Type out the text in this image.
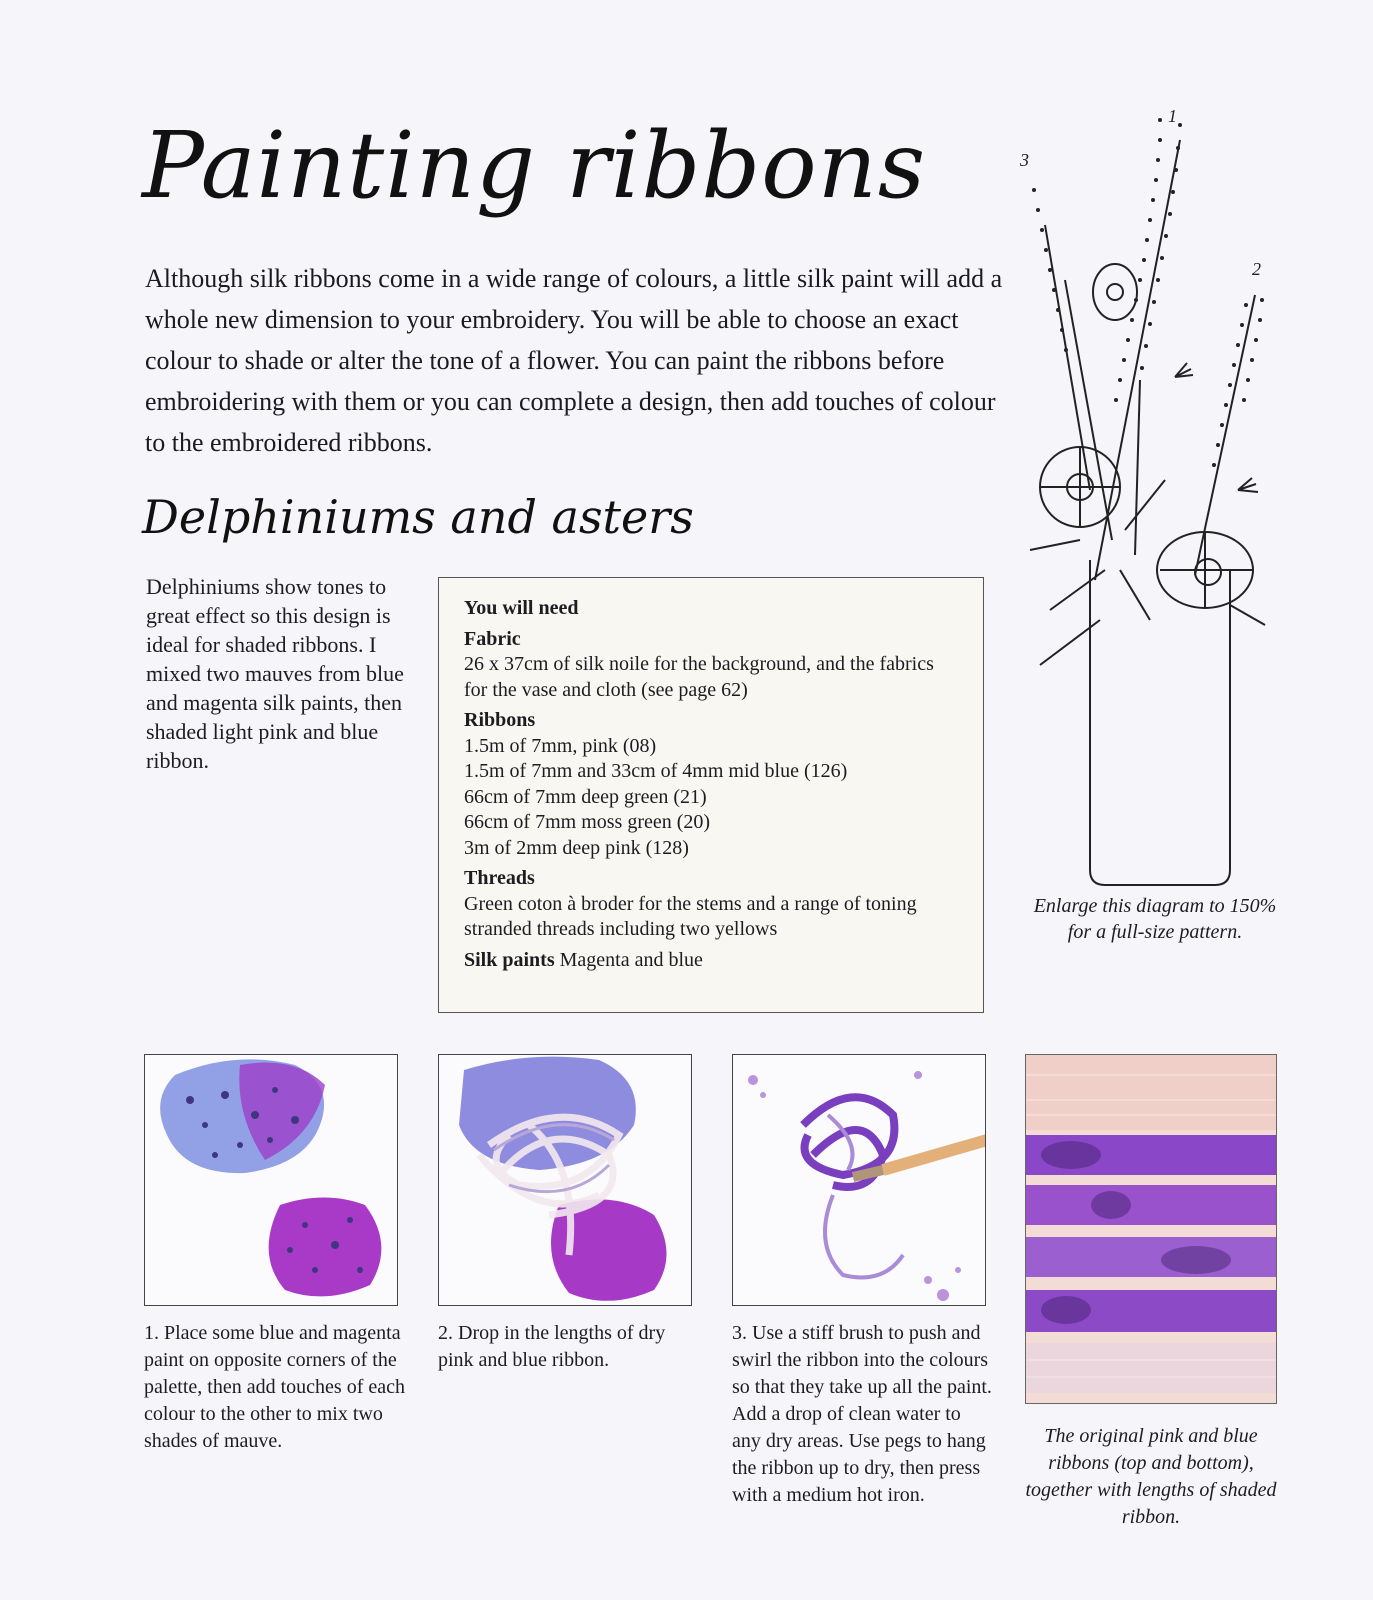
Painting ribbons

Although silk ribbons come in a wide range of colours, a little silk paint will add a whole new dimension to your embroidery. You will be able to choose an exact colour to shade or alter the tone of a flower. You can paint the ribbons before embroidering with them or you can complete a design, then add touches of colour to the embroidered ribbons.

Delphiniums and asters

Delphiniums show tones to great effect so this design is ideal for shaded ribbons. I mixed two mauves from blue and magenta silk paints, then shaded light pink and blue ribbon.

You will need
Fabric
26 x 37cm of silk noile for the background, and the fabrics for the vase and cloth (see page 62)
Ribbons
1.5m of 7mm, pink (08)
1.5m of 7mm and 33cm of 4mm mid blue (126)
66cm of 7mm deep green (21)
66cm of 7mm moss green (20)
3m of 2mm deep pink (128)
Threads
Green coton à broder for the stems and a range of toning stranded threads including two yellows
Silk paints Magenta and blue
1
2
3
Enlarge this diagram to 150% for a full-size pattern.

1. Place some blue and magenta paint on opposite corners of the palette, then add touches of each colour to the other to mix two shades of mauve.

2. Drop in the lengths of dry pink and blue ribbon.

3. Use a stiff brush to push and swirl the ribbon into the colours so that they take up all the paint. Add a drop of clean water to any dry areas. Use pegs to hang the ribbon up to dry, then press with a medium hot iron.

The original pink and blue ribbons (top and bottom), together with lengths of shaded ribbon.
